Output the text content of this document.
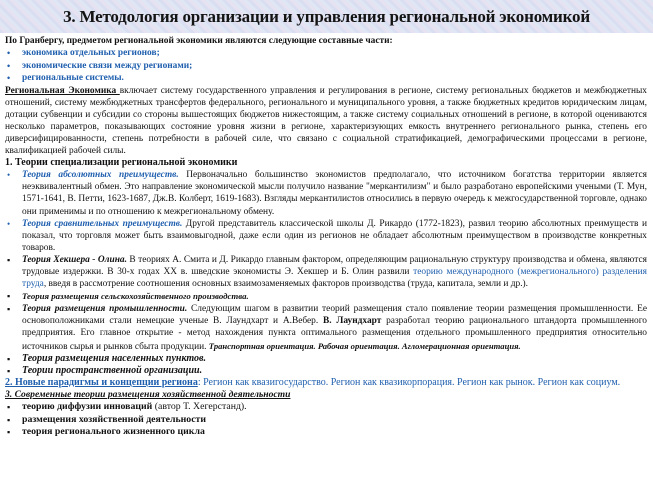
3. Методология организации и управления региональной экономикой

По Гранбергу, предметом региональной экономики являются следующие составные части:

• экономика отдельных регионов;
• экономические связи между регионами;
• региональные системы.

Региональная Экономика включает систему государственного управления и регулирования в регионе, систему региональных бюджетов и межбюджетных отношений, систему межбюджетных трансфертов федерального, регионального и муниципального уровня, а также бюджетных кредитов юридическим лицам, дотации субвенции и субсидии со стороны вышестоящих бюджетов нижестоящим, а также систему социальных отношений в регионе, в которой оцениваются несколько параметров, показывающих состояние уровня жизни в регионе, характеризующих емкость внутреннего регионального рынка, степень его диверсифицированности, степень потребности в рабочей силе, что связано с социальной стратификацией, демографическими процессами в регионе, квалификацией рабочей силы.

1. Теории специализации региональной экономики

• Теория абсолютных преимуществ. Первоначально большинство экономистов предполагало, что источником богатства территории является неэквивалентный обмен. Это направление экономической мысли получило название "меркантилизм" и было разработано европейскими учеными (Т. Мун, 1571-1641, В. Петти, 1623-1687, Дж.В. Колберт, 1619-1683). Взгляды меркантилистов относились в первую очередь к межгосударственной торговле, однако они применимы и по отношению к межрегиональному обмену.
• Теория сравнительных преимуществ. Другой представитель классической школы Д. Рикардо (1772-1823), развил теорию абсолютных преимуществ и показал, что торговля может быть взаимовыгодной, даже если один из регионов не обладает абсолютным преимуществом в производстве конкретных товаров.
▪ Теория Хекшера - Олина. В теориях А. Смита и Д. Рикардо главным фактором, определяющим рациональную структуру производства и обмена, являются трудовые издержки. В 30-х годах XX в. шведские экономисты Э. Хекшер и Б. Олин развили теорию международного (межрегионального) разделения труда, введя в рассмотрение соотношения основных взаимозаменяемых факторов производства (труда, капитала, земли и др.).
▪ Теория размещения сельскохозяйственного производства.
▪ Теория размещения промышленности. Следующим шагом в развитии теорий размещения стало появление теории размещения промышленности. Ее основоположниками стали немецкие ученые В. Лаундхарт и А.Вебер. В. Лаундхарт разработал теорию рационального штандорта промышленного предприятия. Его главное открытие - метод нахождения пункта оптимального размещения отдельного промышленного предприятия относительно источников сырья и рынков сбыта продукции. Транспортная ориентация. Рабочая ориентация. Агломерационная ориентация.
▪ Теория размещения населенных пунктов.
▪ Теории пространственной организации.

2. Новые парадигмы и концепции региона: Регион как квазигосударство. Регион как квазикорпорация. Регион как рынок. Регион как социум.

3. Современные теории размещения хозяйственной деятельности

▪ теорию диффузии инноваций (автор Т. Хегерстанд).
▪ размещения хозяйственной деятельности
▪ теория регионального жизненного цикла
